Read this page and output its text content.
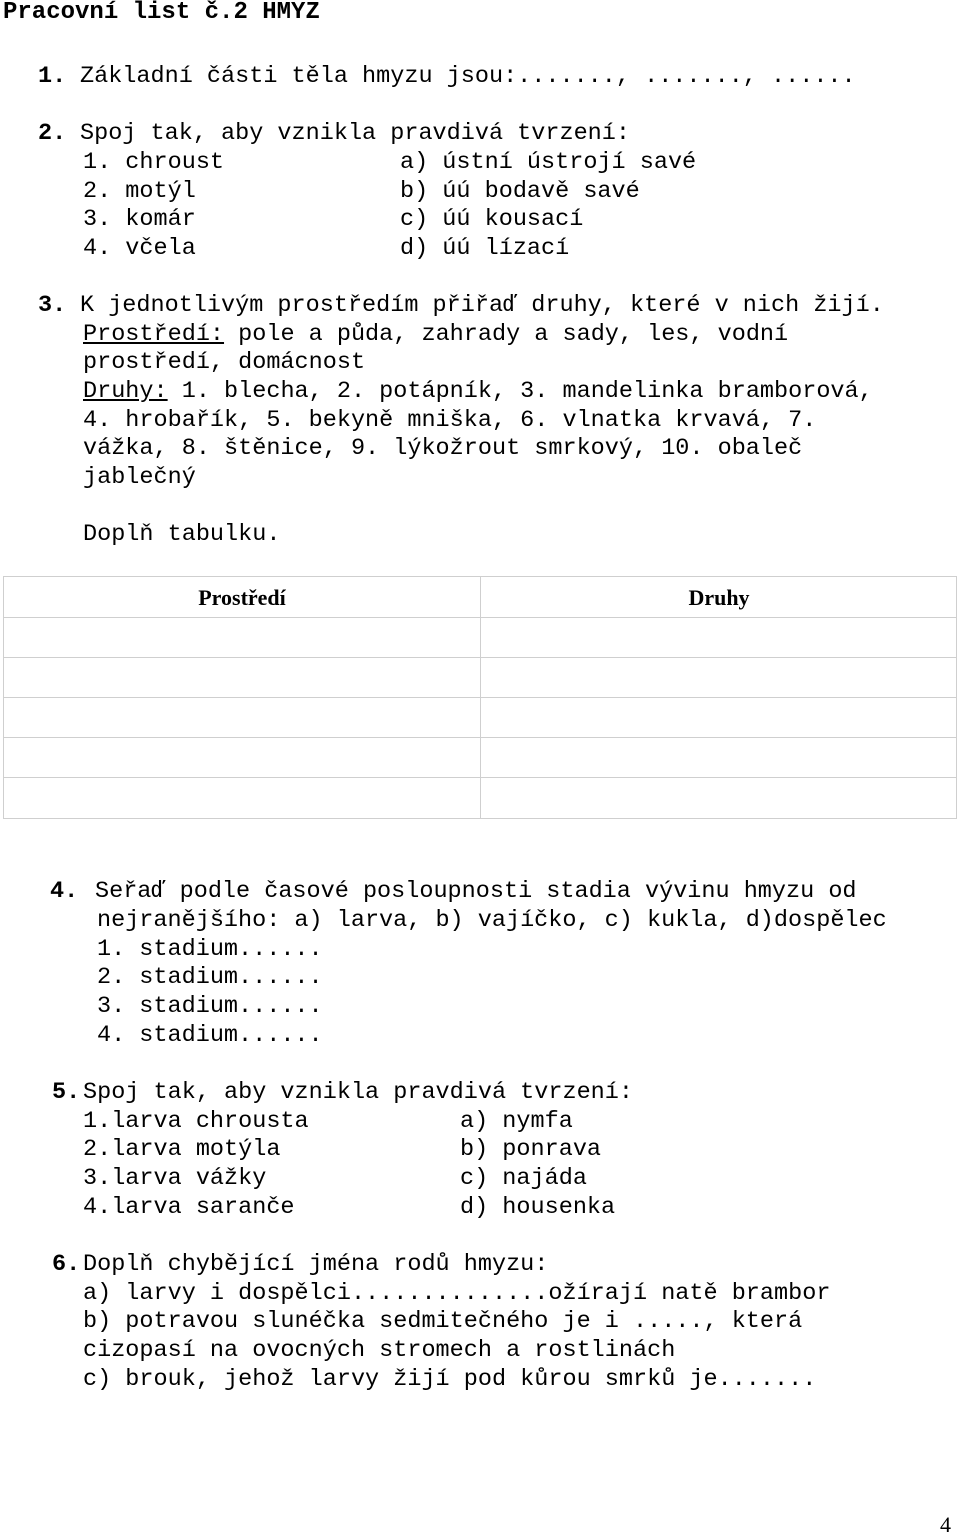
Pracovní list č.2 HMYZ
1. Základní části těla hmyzu jsou:......., ......., ......
2. Spoj tak, aby vznikla pravdivá tvrzení:
1. chroust
2. motýl
3. komár
4. včela
a) ústní ústrojí savé
b) úú bodavě savé
c) úú kousací
d) úú lízací
3. K jednotlivým prostředím přiřaď druhy, které v nich žijí.
Prostředí: pole a půda, zahrady a sady, les, vodní
prostředí, domácnost
Druhy: 1. blecha, 2. potápník, 3. mandelinka bramborová,
4. hrobařík, 5. bekyně mniška, 6. vlnatka krvavá, 7.
vážka, 8. štěnice, 9. lýkožrout smrkový, 10. obaleč
jablečný
Doplň tabulku.
Prostředí	Druhy
4. Seřaď podle časové posloupnosti stadia vývinu hmyzu od
nejranějšího: a) larva, b) vajíčko, c) kukla, d)dospělec
1. stadium......
2. stadium......
3. stadium......
4. stadium......
5. Spoj tak, aby vznikla pravdivá tvrzení:
1.larva chrousta
2.larva motýla
3.larva vážky
4.larva saranče
a) nymfa
b) ponrava
c) najáda
d) housenka
6. Doplň chybějící jména rodů hmyzu:
a) larvy i dospělci..............ožírají natě brambor
b) potravou slunéčka sedmitečného je i ....., která
cizopasí na ovocných stromech a rostlinách
c) brouk, jehož larvy žijí pod kůrou smrků je.......
4
